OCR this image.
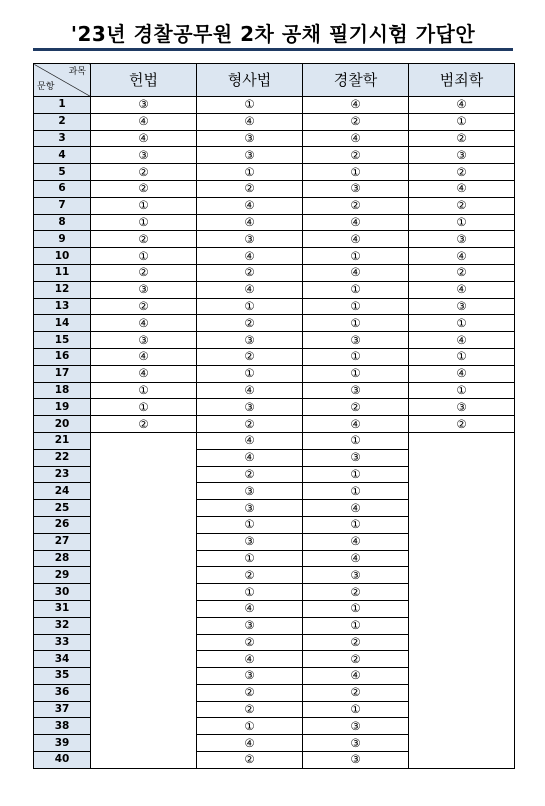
'23년 경찰공무원 2차 공채 필기시험 가답안
과목
문항	헌법	형사법	경찰학	범죄학
1	③	①	④	④
2	④	④	②	①
3	④	③	④	②
4	③	③	②	③
5	②	①	①	②
6	②	②	③	④
7	①	④	②	②
8	①	④	④	①
9	②	③	④	③
10	①	④	①	④
11	②	②	④	②
12	③	④	①	④
13	②	①	①	③
14	④	②	①	①
15	③	③	③	④
16	④	②	①	①
17	④	①	①	④
18	①	④	③	①
19	①	③	②	③
20	②	②	④	②
21		④	①	
22		④	③	
23		②	①	
24		③	①	
25		③	④	
26		①	①	
27		③	④	
28		①	④	
29		②	③	
30		①	②	
31		④	①	
32		③	①	
33		②	②	
34		④	②	
35		③	④	
36		②	②	
37		②	①	
38		①	③	
39		④	③	
40		②	③	
